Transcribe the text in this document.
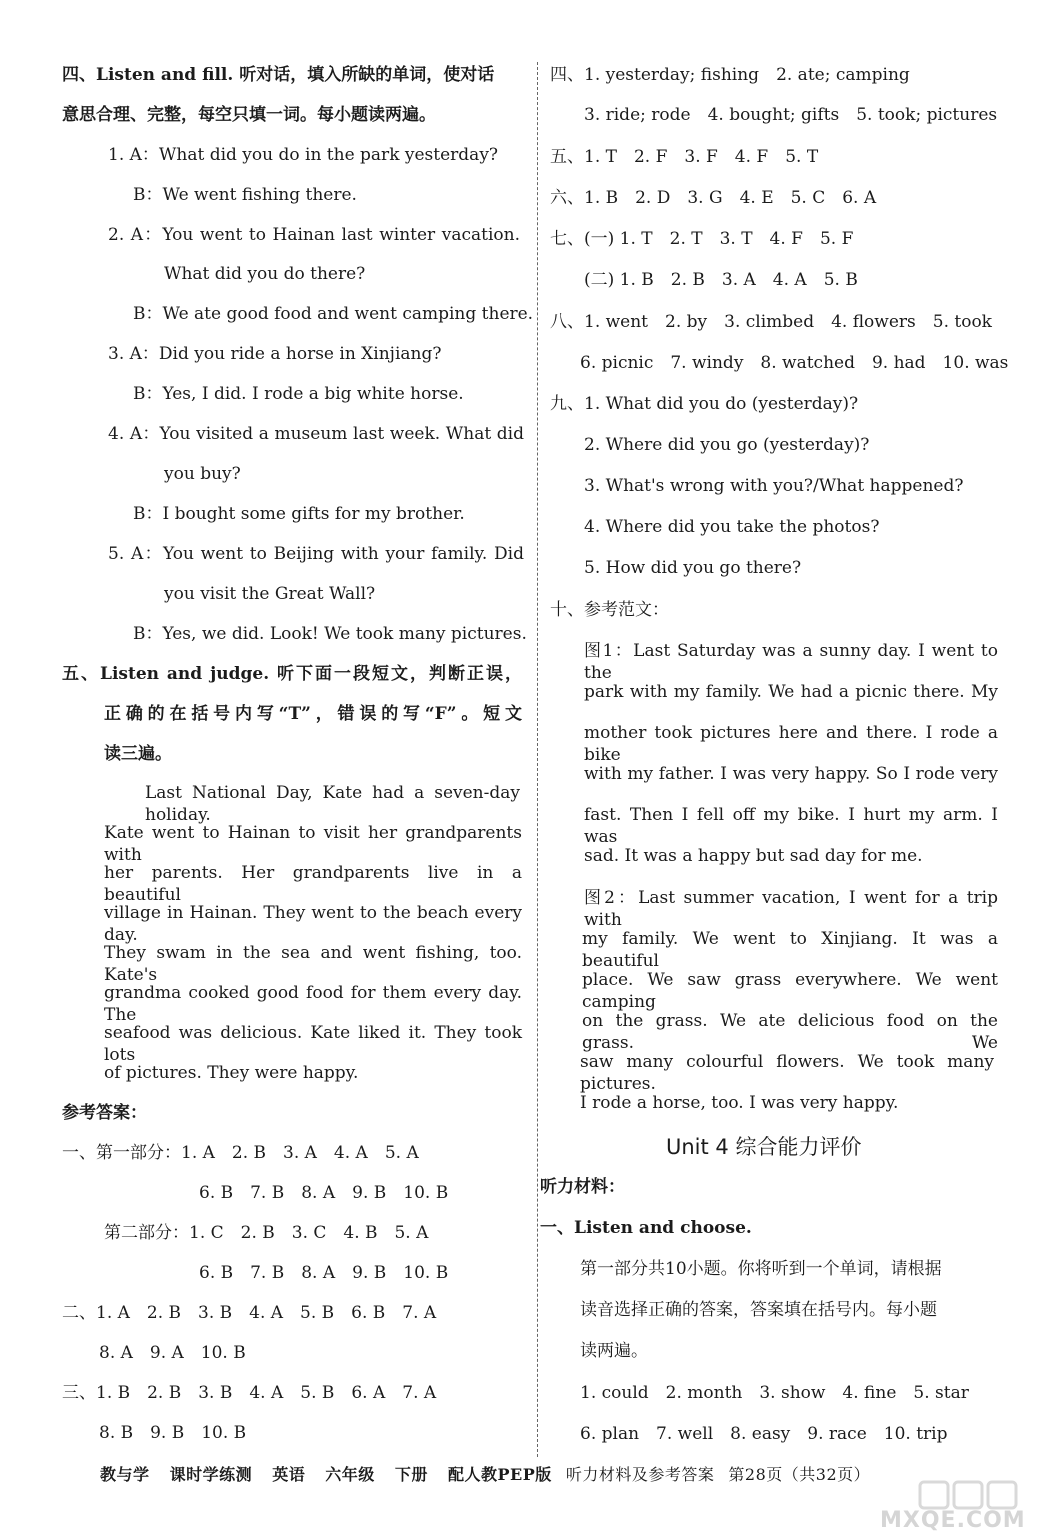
四、Listen and fill. 听对话，填入所缺的单词，使对话
意思合理、完整，每空只填一词。每小题读两遍。
1. A：What did you do in the park yesterday?
B：We went fishing there.
2. A：You went to Hainan last winter vacation.
What did you do there?
B：We ate good food and went camping there.
3. A：Did you ride a horse in Xinjiang?
B：Yes, I did. I rode a big white horse.
4. A：You visited a museum last week. What did
you buy?
B：I bought some gifts for my brother.
5. A：You went to Beijing with your family. Did
you visit the Great Wall?
B：Yes, we did. Look! We took many pictures.
五、Listen and judge. 听下面一段短文，判断正误，
正确的在括号内写“T”，错误的写“F”。短文
读三遍。
Last National Day, Kate had a seven-day holiday.
Kate went to Hainan to visit her grandparents with
her parents. Her grandparents live in a beautiful
village in Hainan. They went to the beach every day.
They swam in the sea and went fishing, too. Kate's
grandma cooked good food for them every day. The
seafood was delicious. Kate liked it. They took lots
of pictures. They were happy.
参考答案：
一、第一部分：1. A　2. B　3. A　4. A　5. A
6. B　7. B　8. A　9. B　10. B
第二部分：1. C　2. B　3. C　4. B　5. A
6. B　7. B　8. A　9. B　10. B
二、1. A　2. B　3. B　4. A　5. B　6. B　7. A
8. A　9. A　10. B
三、1. B　2. B　3. B　4. A　5. B　6. A　7. A
8. B　9. B　10. B
四、1. yesterday; fishing　2. ate; camping
3. ride; rode　4. bought; gifts　5. took; pictures
五、1. T　2. F　3. F　4. F　5. T
六、1. B　2. D　3. G　4. E　5. C　6. A
七、(一) 1. T　2. T　3. T　4. F　5. F
(二) 1. B　2. B　3. A　4. A　5. B
八、1. went　2. by　3. climbed　4. flowers　5. took
6. picnic　7. windy　8. watched　9. had　10. was
九、1. What did you do (yesterday)?
2. Where did you go (yesterday)?
3. What's wrong with you?/What happened?
4. Where did you take the photos?
5. How did you go there?
十、参考范文：
图1：Last Saturday was a sunny day. I went to the
park with my family. We had a picnic there. My
mother took pictures here and there. I rode a bike
with my father. I was very happy. So I rode very
fast. Then I fell off my bike. I hurt my arm. I was
sad. It was a happy but sad day for me.
图2：Last summer vacation, I went for a trip with
my family. We went to Xinjiang. It was a beautiful
place. We saw grass everywhere. We went camping
on the grass. We ate delicious food on the grass. We
saw many colourful flowers. We took many pictures.
I rode a horse, too. I was very happy.
Unit 4 综合能力评价
听力材料：
一、Listen and choose.
第一部分共10小题。你将听到一个单词，请根据
读音选择正确的答案，答案填在括号内。每小题
读两遍。
1. could　2. month　3. show　4. fine　5. star
6. plan　7. well　8. easy　9. race　10. trip
教与学 课时学练测 英语 六年级 下册 配人教PEP版 听力材料及参考答案 第28页（共32页）
MXQE.COM
